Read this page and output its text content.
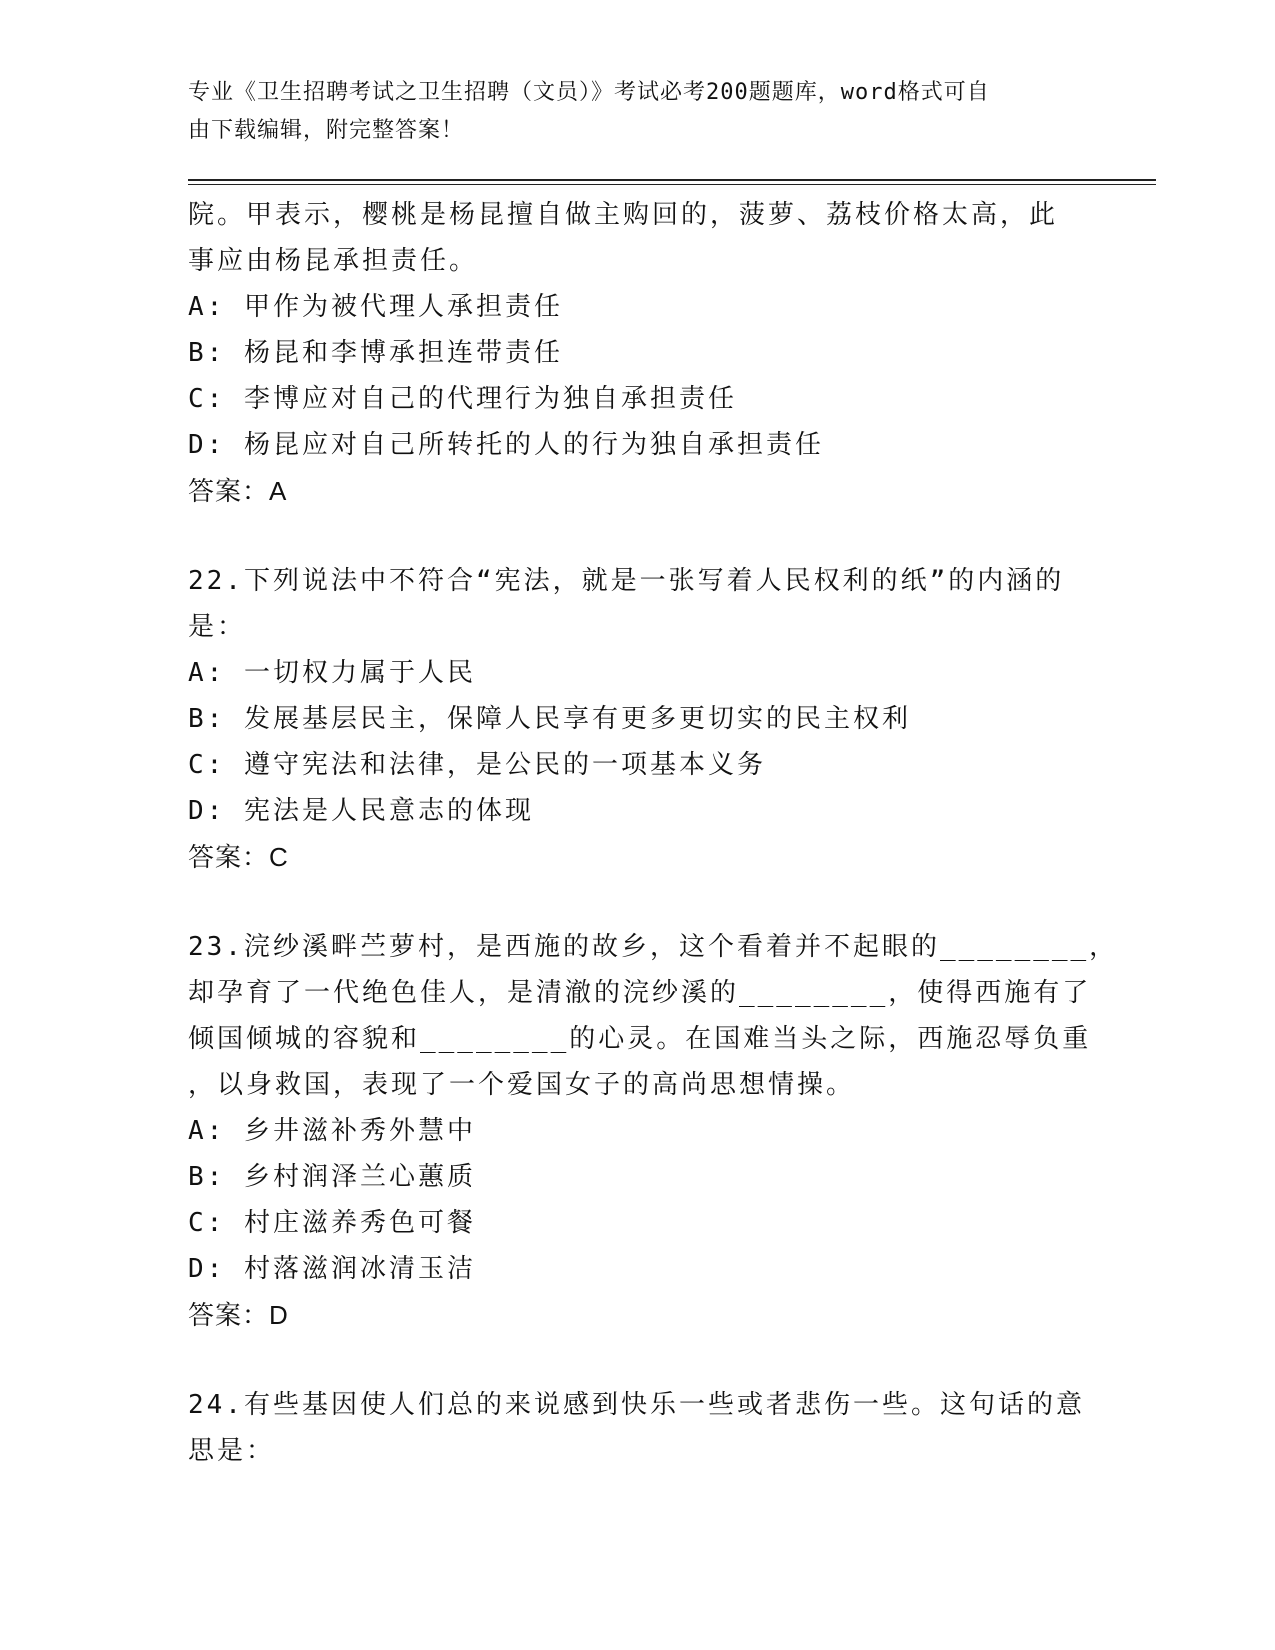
专业《卫生招聘考试之卫生招聘（文员）》考试必考200题题库，word格式可自
由下载编辑，附完整答案！
院。甲表示，樱桃是杨昆擅自做主购回的，菠萝、荔枝价格太高，此
事应由杨昆承担责任。
A: 甲作为被代理人承担责任
B: 杨昆和李博承担连带责任
C: 李博应对自己的代理行为独自承担责任
D: 杨昆应对自己所转托的人的行为独自承担责任
答案：A
22.下列说法中不符合“宪法，就是一张写着人民权利的纸”的内涵的
是：
A: 一切权力属于人民
B: 发展基层民主，保障人民享有更多更切实的民主权利
C: 遵守宪法和法律，是公民的一项基本义务
D: 宪法是人民意志的体现
答案：C
23.浣纱溪畔苎萝村，是西施的故乡，这个看着并不起眼的________，
却孕育了一代绝色佳人，是清澈的浣纱溪的________，使得西施有了
倾国倾城的容貌和________的心灵。在国难当头之际，西施忍辱负重
，以身救国，表现了一个爱国女子的高尚思想情操。
A: 乡井滋补秀外慧中
B: 乡村润泽兰心蕙质
C: 村庄滋养秀色可餐
D: 村落滋润冰清玉洁
答案：D
24.有些基因使人们总的来说感到快乐一些或者悲伤一些。这句话的意
思是：
